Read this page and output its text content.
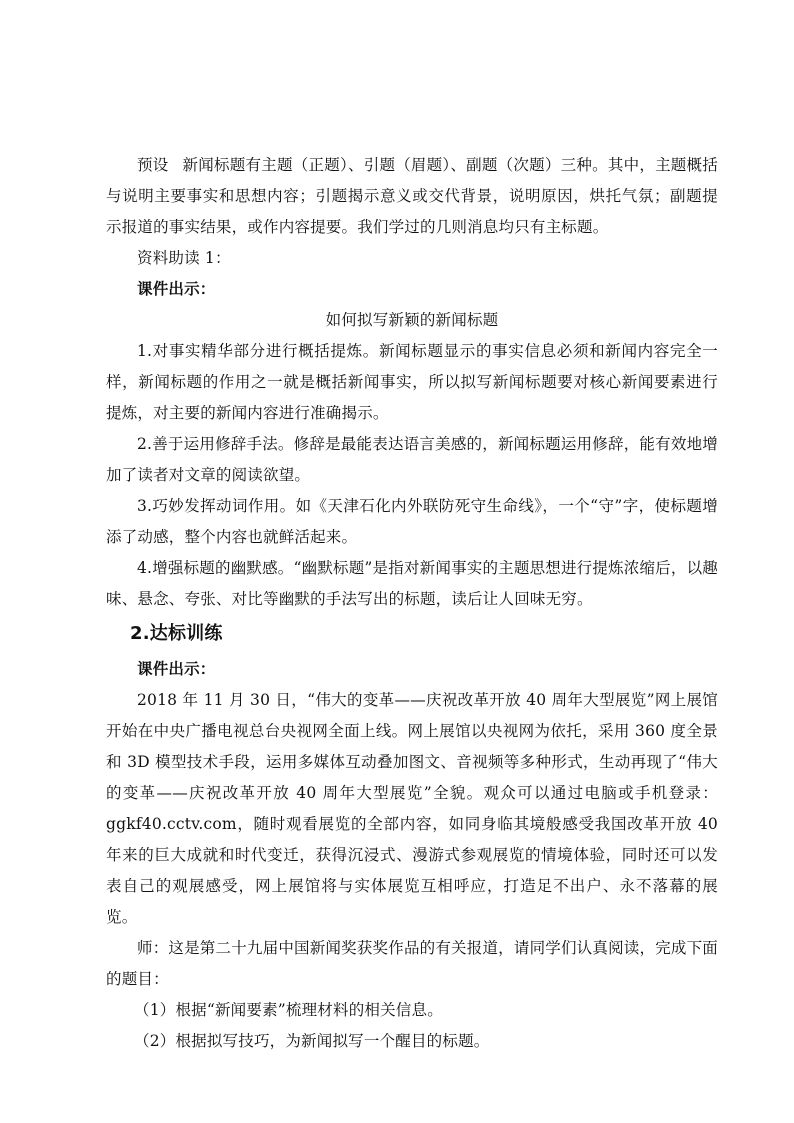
预设 新闻标题有主题（正题）、引题（眉题）、副题（次题）三种。其中，主题概括与说明主要事实和思想内容；引题揭示意义或交代背景，说明原因，烘托气氛；副题提示报道的事实结果，或作内容提要。我们学过的几则消息均只有主标题。

资料助读 1：

课件出示：

如何拟写新颖的新闻标题

1.对事实精华部分进行概括提炼。新闻标题显示的事实信息必须和新闻内容完全一样，新闻标题的作用之一就是概括新闻事实，所以拟写新闻标题要对核心新闻要素进行提炼，对主要的新闻内容进行准确揭示。

2.善于运用修辞手法。修辞是最能表达语言美感的，新闻标题运用修辞，能有效地增加了读者对文章的阅读欲望。

3.巧妙发挥动词作用。如《天津石化内外联防死守生命线》，一个“守”字，使标题增添了动感，整个内容也就鲜活起来。

4.增强标题的幽默感。“幽默标题”是指对新闻事实的主题思想进行提炼浓缩后，以趣味、悬念、夸张、对比等幽默的手法写出的标题，读后让人回味无穷。

2.达标训练

课件出示：

2018 年 11 月 30 日，“伟大的变革——庆祝改革开放 40 周年大型展览”网上展馆开始在中央广播电视总台央视网全面上线。网上展馆以央视网为依托，采用 360 度全景和 3D 模型技术手段，运用多媒体互动叠加图文、音视频等多种形式，生动再现了“伟大的变革——庆祝改革开放 40 周年大型展览”全貌。观众可以通过电脑或手机登录：ggkf40.cctv.com，随时观看展览的全部内容，如同身临其境般感受我国改革开放 40 年来的巨大成就和时代变迁，获得沉浸式、漫游式参观展览的情境体验，同时还可以发表自己的观展感受，网上展馆将与实体展览互相呼应，打造足不出户、永不落幕的展览。

师：这是第二十九届中国新闻奖获奖作品的有关报道，请同学们认真阅读，完成下面的题目：

（1）根据“新闻要素”梳理材料的相关信息。

（2）根据拟写技巧，为新闻拟写一个醒目的标题。
